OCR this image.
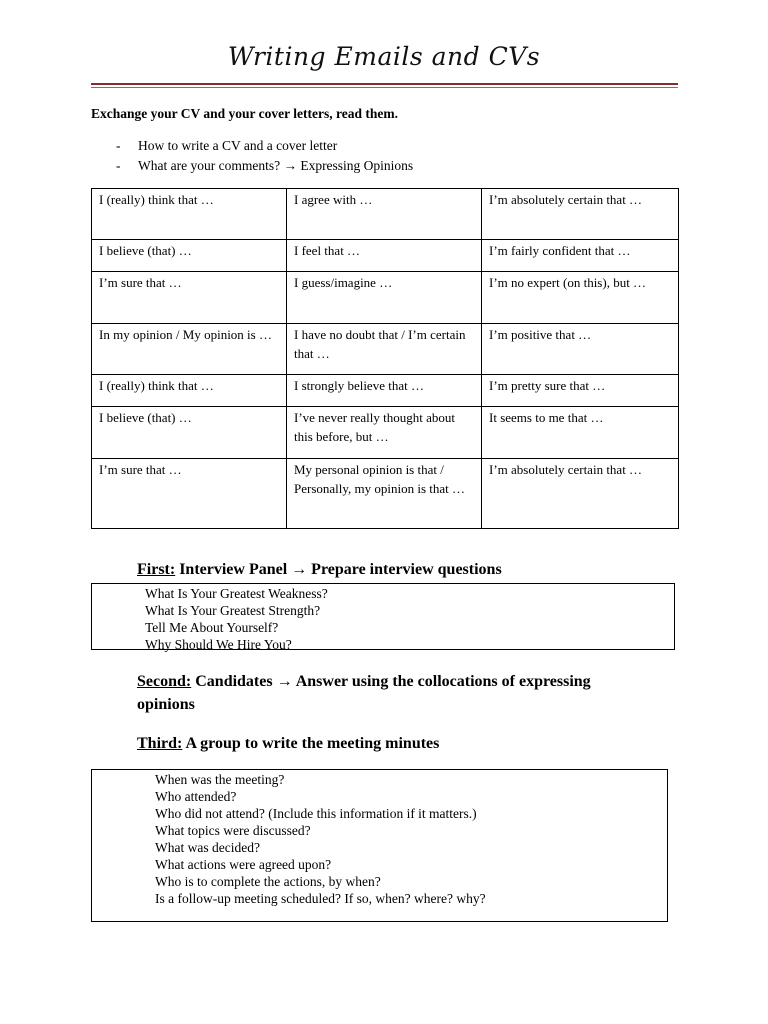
Writing Emails and CVs
Exchange your CV and your cover letters, read them.
-	How to write a CV and a cover letter
-	What are your comments? → Expressing Opinions
I (really) think that …	I agree with …	I’m absolutely certain that …
I believe (that) …	I feel that …	I’m fairly confident that …
I’m sure that …	I guess/imagine …	I’m no expert (on this), but …
In my opinion / My opinion is …	I have no doubt that / I’m certain that …	I’m positive that …
I (really) think that …	I strongly believe that …	I’m pretty sure that …
I believe (that) …	I’ve never really thought about this before, but …	It seems to me that …
I’m sure that …	My personal opinion is that / Personally, my opinion is that …	I’m absolutely certain that …
First: Interview Panel → Prepare interview questions
What Is Your Greatest Weakness?
What Is Your Greatest Strength?
Tell Me About Yourself?
Why Should We Hire You?
Second: Candidates → Answer using the collocations of expressing
opinions
Third: A group to write the meeting minutes
When was the meeting?
Who attended?
Who did not attend? (Include this information if it matters.)
What topics were discussed?
What was decided?
What actions were agreed upon?
Who is to complete the actions, by when?
Is a follow-up meeting scheduled? If so, when? where? why?
